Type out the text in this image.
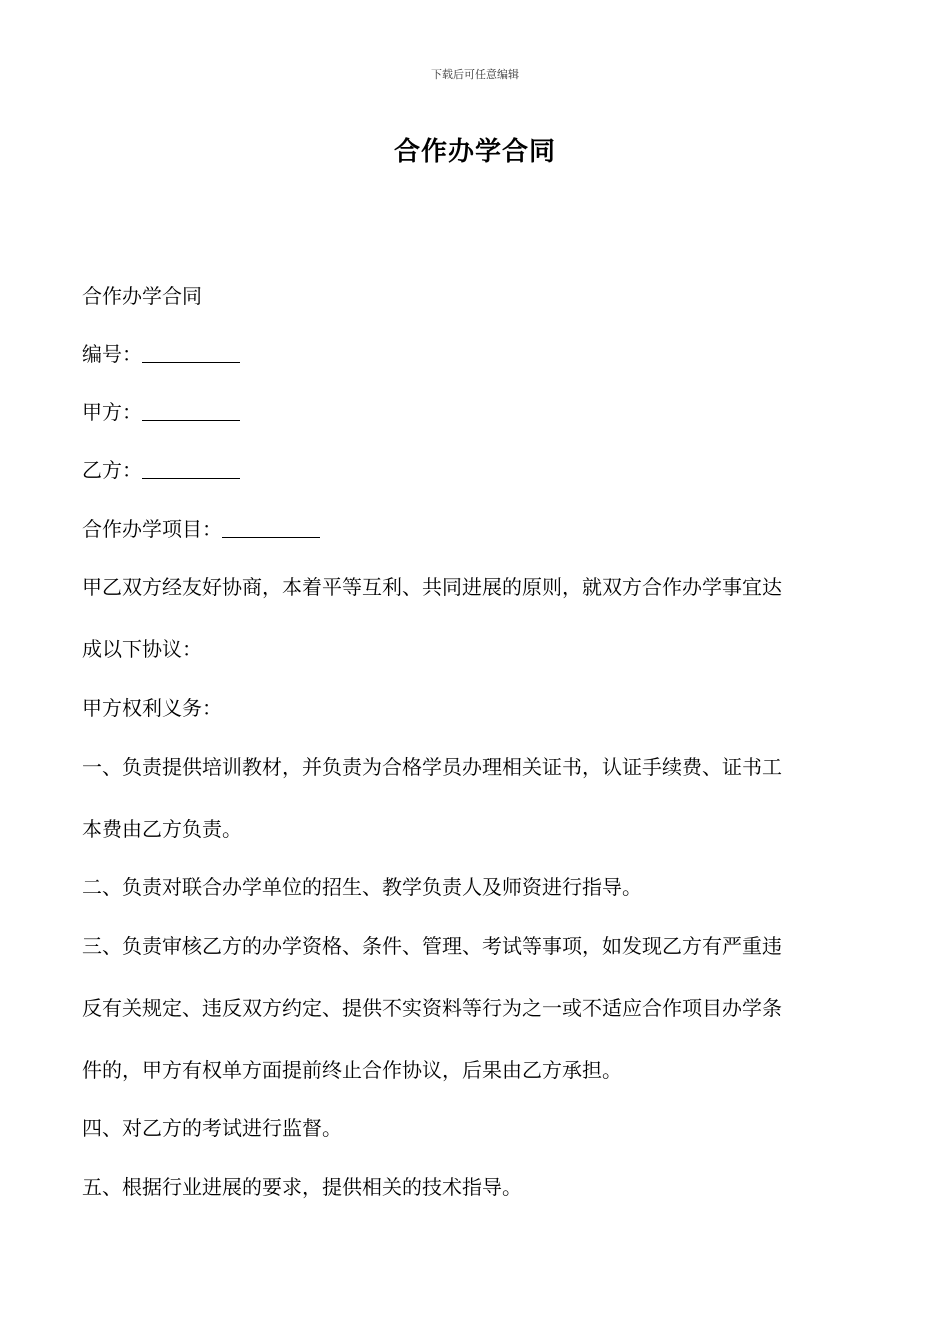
下载后可任意编辑
合作办学合同
合作办学合同
编号：
甲方：
乙方：
合作办学项目：
甲乙双方经友好协商，本着平等互利、共同进展的原则，就双方合作办学事宜达
成以下协议：
甲方权利义务：
一、负责提供培训教材，并负责为合格学员办理相关证书，认证手续费、证书工
本费由乙方负责。
二、负责对联合办学单位的招生、教学负责人及师资进行指导。
三、负责审核乙方的办学资格、条件、管理、考试等事项，如发现乙方有严重违
反有关规定、违反双方约定、提供不实资料等行为之一或不适应合作项目办学条
件的，甲方有权单方面提前终止合作协议，后果由乙方承担。
四、对乙方的考试进行监督。
五、根据行业进展的要求，提供相关的技术指导。
